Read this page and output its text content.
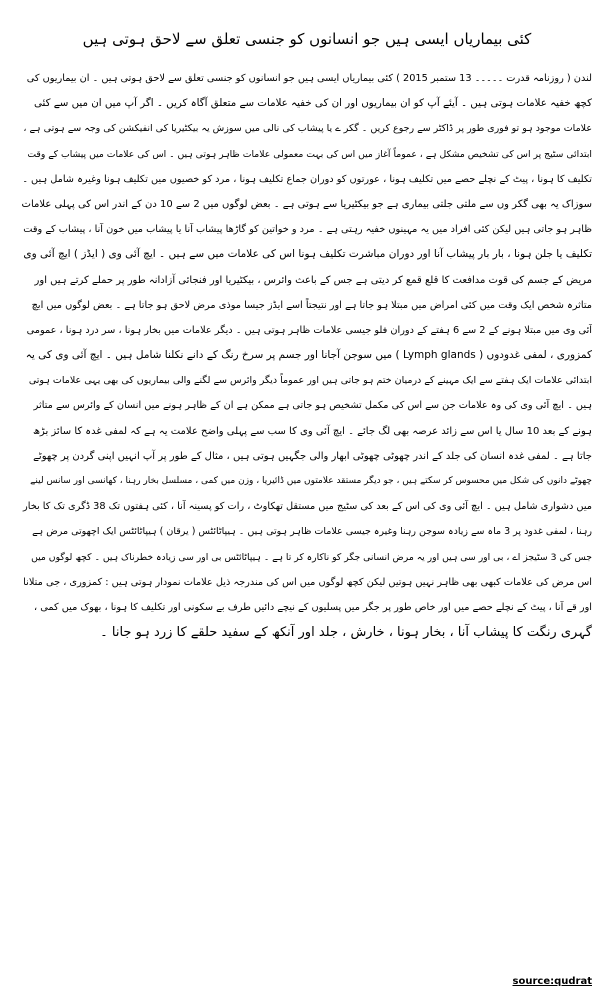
کئی بیماریاں ایسی ہیں جو انسانوں کو جنسی تعلق سے لاحق ہوتی ہیں
لندن ( روزنامہ قدرت ۔۔۔۔۔ 13 ستمبر 2015 ) کئی بیماریاں ایسی ہیں جو انسانوں کو جنسی تعلق سے لاحق ہوتی ہیں ۔ ان بیماریوں کی
کچھ خفیہ علامات ہوتی ہیں ۔ آیئے آپ کو ان بیماریوں اور ان کی خفیہ علامات سے متعلق آگاہ کریں ۔ اگر آپ میں ان میں سے کئی
علامات موجود ہو تو فوری طور پر ڈاکٹر سے رجوع کریں ۔ گکر ے یا پیشاب کی نالی میں سوزش یہ بیکٹیریا کی انفیکشن کی وجہ سے ہوتی ہے ،
ابتدائی سٹیج پر اس کی تشخیص مشکل ہے ، عموماً آغاز میں اس کی بہت معمولی علامات ظاہر ہوتی ہیں ۔ اس کی علامات میں پیشاب کے وقت
تکلیف کا ہونا ، پیٹ کے نچلے حصے میں تکلیف ہونا ، عورتوں کو دوران جماع تکلیف ہونا ، مرد کو خصیوں میں تکلیف ہونا وغیرہ شامل ہیں ۔
سوزاک یہ بھی گکر وں سے ملتی جلتی بیماری ہے جو بیکٹیریا سے ہوتی ہے ۔ بعض لوگوں میں 2 سے 10 دن کے اندر اس کی پہلی علامات
ظاہر ہو جاتی ہیں لیکن کئی افراد میں یہ مہینوں خفیہ رہتی ہے ۔ مرد و خواتین کو گاڑھا پیشاب آنا یا پیشاب میں خون آنا ، پیشاب کے وقت
تکلیف یا جلن ہونا ، بار بار پیشاب آنا اور دوران مباشرت تکلیف ہونا اس کی علامات میں سے ہیں ۔ ایچ آئی وی ( ایڈز ) ایچ آئی وی
مریض کے جسم کی قوت مدافعت کا قلع قمع کر دیتی ہے جس کے باعث وائرس ، بیکٹیریا اور فنجائی آزادانہ طور پر حملے کرتے ہیں اور
متاثرہ شخص ایک وقت میں کئی امراض میں مبتلا ہو جاتا ہے اور نتیجتاً اسے ایڈز جیسا موذی مرض لاحق ہو جاتا ہے ۔ بعض لوگوں میں ایچ
آئی وی میں مبتلا ہونے کے 2 سے 6 ہفتے کے دوران فلو جیسی علامات ظاہر ہوتی ہیں ۔ دیگر علامات میں بخار ہونا ، سر درد ہونا ، عمومی
کمزوری ، لمفی غدودوں ( Lymph glands ) میں سوجن آجانا اور جسم پر سرخ رنگ کے دانے نکلنا شامل ہیں ۔ ایچ آئی وی کی یہ
ابتدائی علامات ایک ہفتے سے ایک مہینے کے درمیان ختم ہو جاتی ہیں اور عموماً دیگر وائرس سے لگنے والی بیماریوں کی بھی یہی علامات ہوتی
ہیں ۔ ایچ آئی وی کی وہ علامات جن سے اس کی مکمل تشخیص ہو جاتی ہے ممکن ہے ان کے ظاہر ہونے میں انسان کے وائرس سے متاثر
ہونے کے بعد 10 سال یا اس سے زائد عرصہ بھی لگ جائے ۔ ایچ آئی وی کا سب سے پہلی واضح علامت یہ ہے کہ لمفی غدہ کا سائز بڑھ
جاتا ہے ۔ لمفی غدہ انسان کی جلد کے اندر چھوٹی چھوٹی ابھار والی جگہیں ہوتی ہیں ، مثال کے طور پر آپ انہیں اپنی گردن پر چھوٹے
چھوٹے دانوں کی شکل میں محسوس کر سکتے ہیں ، جو دیگر مستقد علامتوں میں ڈائیریا ، وزن میں کمی ، مسلسل بخار رہنا ، کھانسی اور سانس لینے
میں دشواری شامل ہیں ۔ ایچ آئی وی کی اس کے بعد کی سٹیج میں مستقل تھکاوٹ ، رات کو پسینہ آنا ، کئی ہفتوں تک 38 ڈگری تک کا بخار
رہنا ، لمفی غدود پر 3 ماہ سے زیادہ سوجن رہنا وغیرہ جیسی علامات ظاہر ہوتی ہیں ۔ ہیپاٹائٹس ( یرقان ) ہیپاٹائٹس ایک اچھوتی مرض ہے
جس کی 3 سٹیجز اے ، بی اور سی ہیں اور یہ مرض انسانی جگر کو ناکارہ کر تا ہے ۔ ہیپاٹائٹس بی اور سی زیادہ خطرناک ہیں ۔ کچھ لوگوں میں
اس مرض کی علامات کبھی بھی ظاہر نہیں ہوتیں لیکن کچھ لوگوں میں اس کی مندرجہ ذیل علامات نمودار ہوتی ہیں : کمزوری ، جی متلانا
اور قے آنا ، پیٹ کے نچلے حصے میں اور خاص طور پر جگر میں پسلیوں کے نیچے دائیں طرف بے سکونی اور تکلیف کا ہونا ، بھوک میں کمی ،
گہری رنگت کا پیشاب آنا ، بخار ہونا ، خارش ، جلد اور آنکھ کے سفید حلقے کا زرد ہو جانا ۔
source:qudrat
